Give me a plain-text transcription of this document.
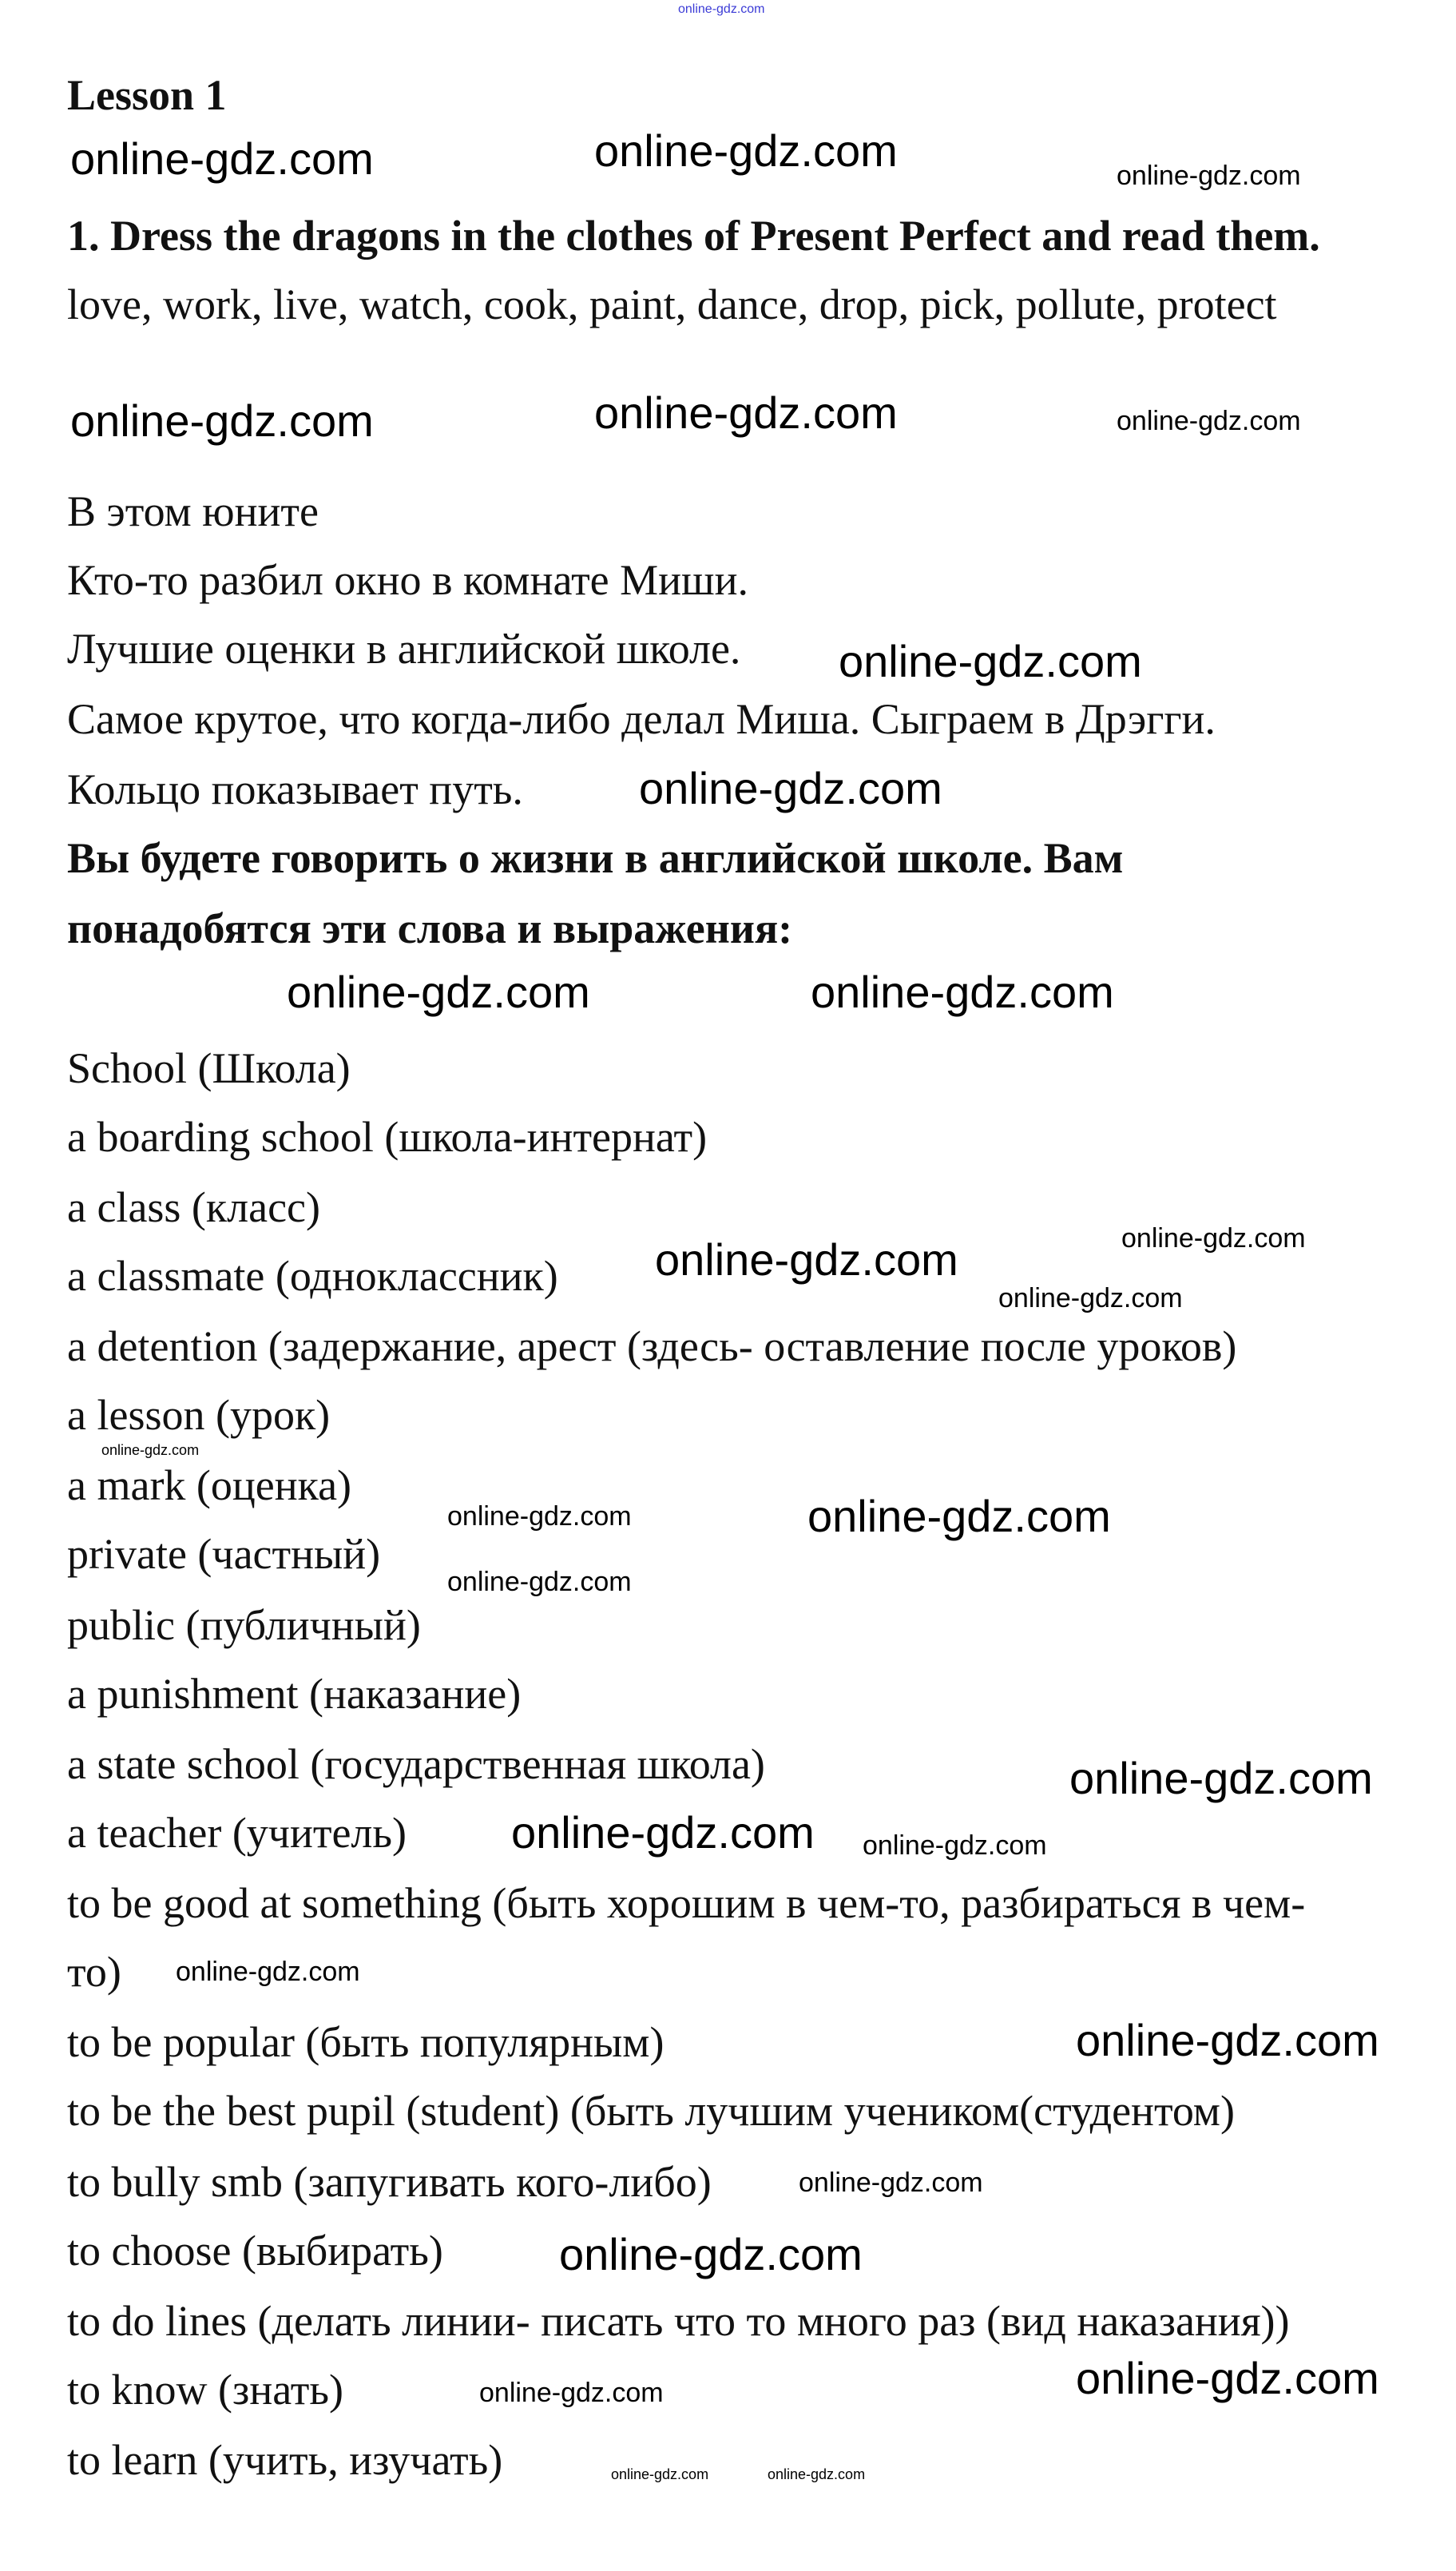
online-gdz.com
Lesson 1
1. Dress the dragons in the clothes of Present Perfect and read them.
love, work, live, watch, cook, paint, dance, drop, pick, pollute, protect
В этом юните
Кто-то разбил окно в комнате Миши.
Лучшие оценки в английской школе.
Самое крутое, что когда-либо делал Миша. Сыграем в Дрэгги.
Кольцо показывает путь.
Вы будете говорить о жизни в английской школе. Вам
понадобятся эти слова и выражения:
School (Школа)
a boarding school (школа-интернат)
a class (класс)
a classmate (одноклассник)
a detention (задержание, арест (здесь- оставление после уроков)
a lesson (урок)
a mark (оценка)
private (частный)
public (публичный)
a punishment (наказание)
a state school (государственная школа)
a teacher (учитель)
to be good at something (быть хорошим в чем-то, разбираться в чем-
то)
to be popular (быть популярным)
to be the best pupil (student) (быть лучшим учеником(студентом)
to bully smb (запугивать кого-либо)
to choose (выбирать)
to do lines (делать линии- писать что то много раз (вид наказания))
to know (знать)
to learn (учить, изучать)
online-gdz.com	online-gdz.com
online-gdz.com	online-gdz.com
online-gdz.com
online-gdz.com
online-gdz.com	online-gdz.com
online-gdz.com
online-gdz.com
online-gdz.com
online-gdz.com
online-gdz.com
online-gdz.com
online-gdz.com
online-gdz.com
online-gdz.com
online-gdz.com
online-gdz.com
online-gdz.com
online-gdz.com
online-gdz.com
online-gdz.com
online-gdz.com
online-gdz.com
online-gdz.com
online-gdz.com	online-gdz.com
